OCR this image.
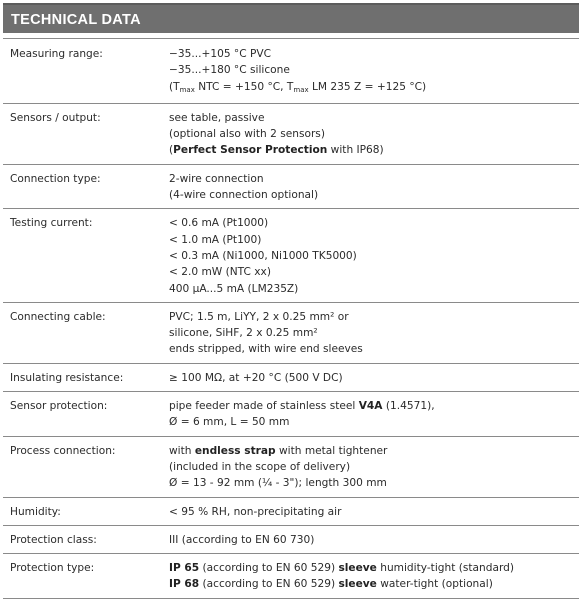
TECHNICAL DATA
Measuring range:	−35...+105 °C PVC
−35...+180 °C silicone
($T_{max}$ NTC = +150 °C, $T_{max}$ LM 235 Z = +125 °C)
Sensors / output:	see table, passive
(optional also with 2 sensors)
(Perfect Sensor Protection with IP68)
Connection type:	2-wire connection
(4-wire connection optional)
Testing current:	< 0.6 mA (Pt1000)
< 1.0 mA (Pt100)
< 0.3 mA (Ni1000, Ni1000 TK5000)
< 2.0 mW (NTC xx)
400 µA...5 mA (LM235Z)
Connecting cable:	PVC; 1.5 m, LiYY, 2 x 0.25 mm² or
silicone, SiHF, 2 x 0.25 mm²
ends stripped, with wire end sleeves
Insulating resistance:	≥ 100 MΩ, at +20 °C (500 V DC)
Sensor protection:	pipe feeder made of stainless steel V4A (1.4571),
Ø = 6 mm, L = 50 mm
Process connection:	with endless strap with metal tightener
(included in the scope of delivery)
Ø = 13 - 92 mm (¼ - 3"); length 300 mm
Humidity:	< 95 % RH, non-precipitating air
Protection class:	III (according to EN 60 730)
Protection type:	IP 65 (according to EN 60 529) sleeve humidity-tight (standard)
IP 68 (according to EN 60 529) sleeve water-tight (optional)
